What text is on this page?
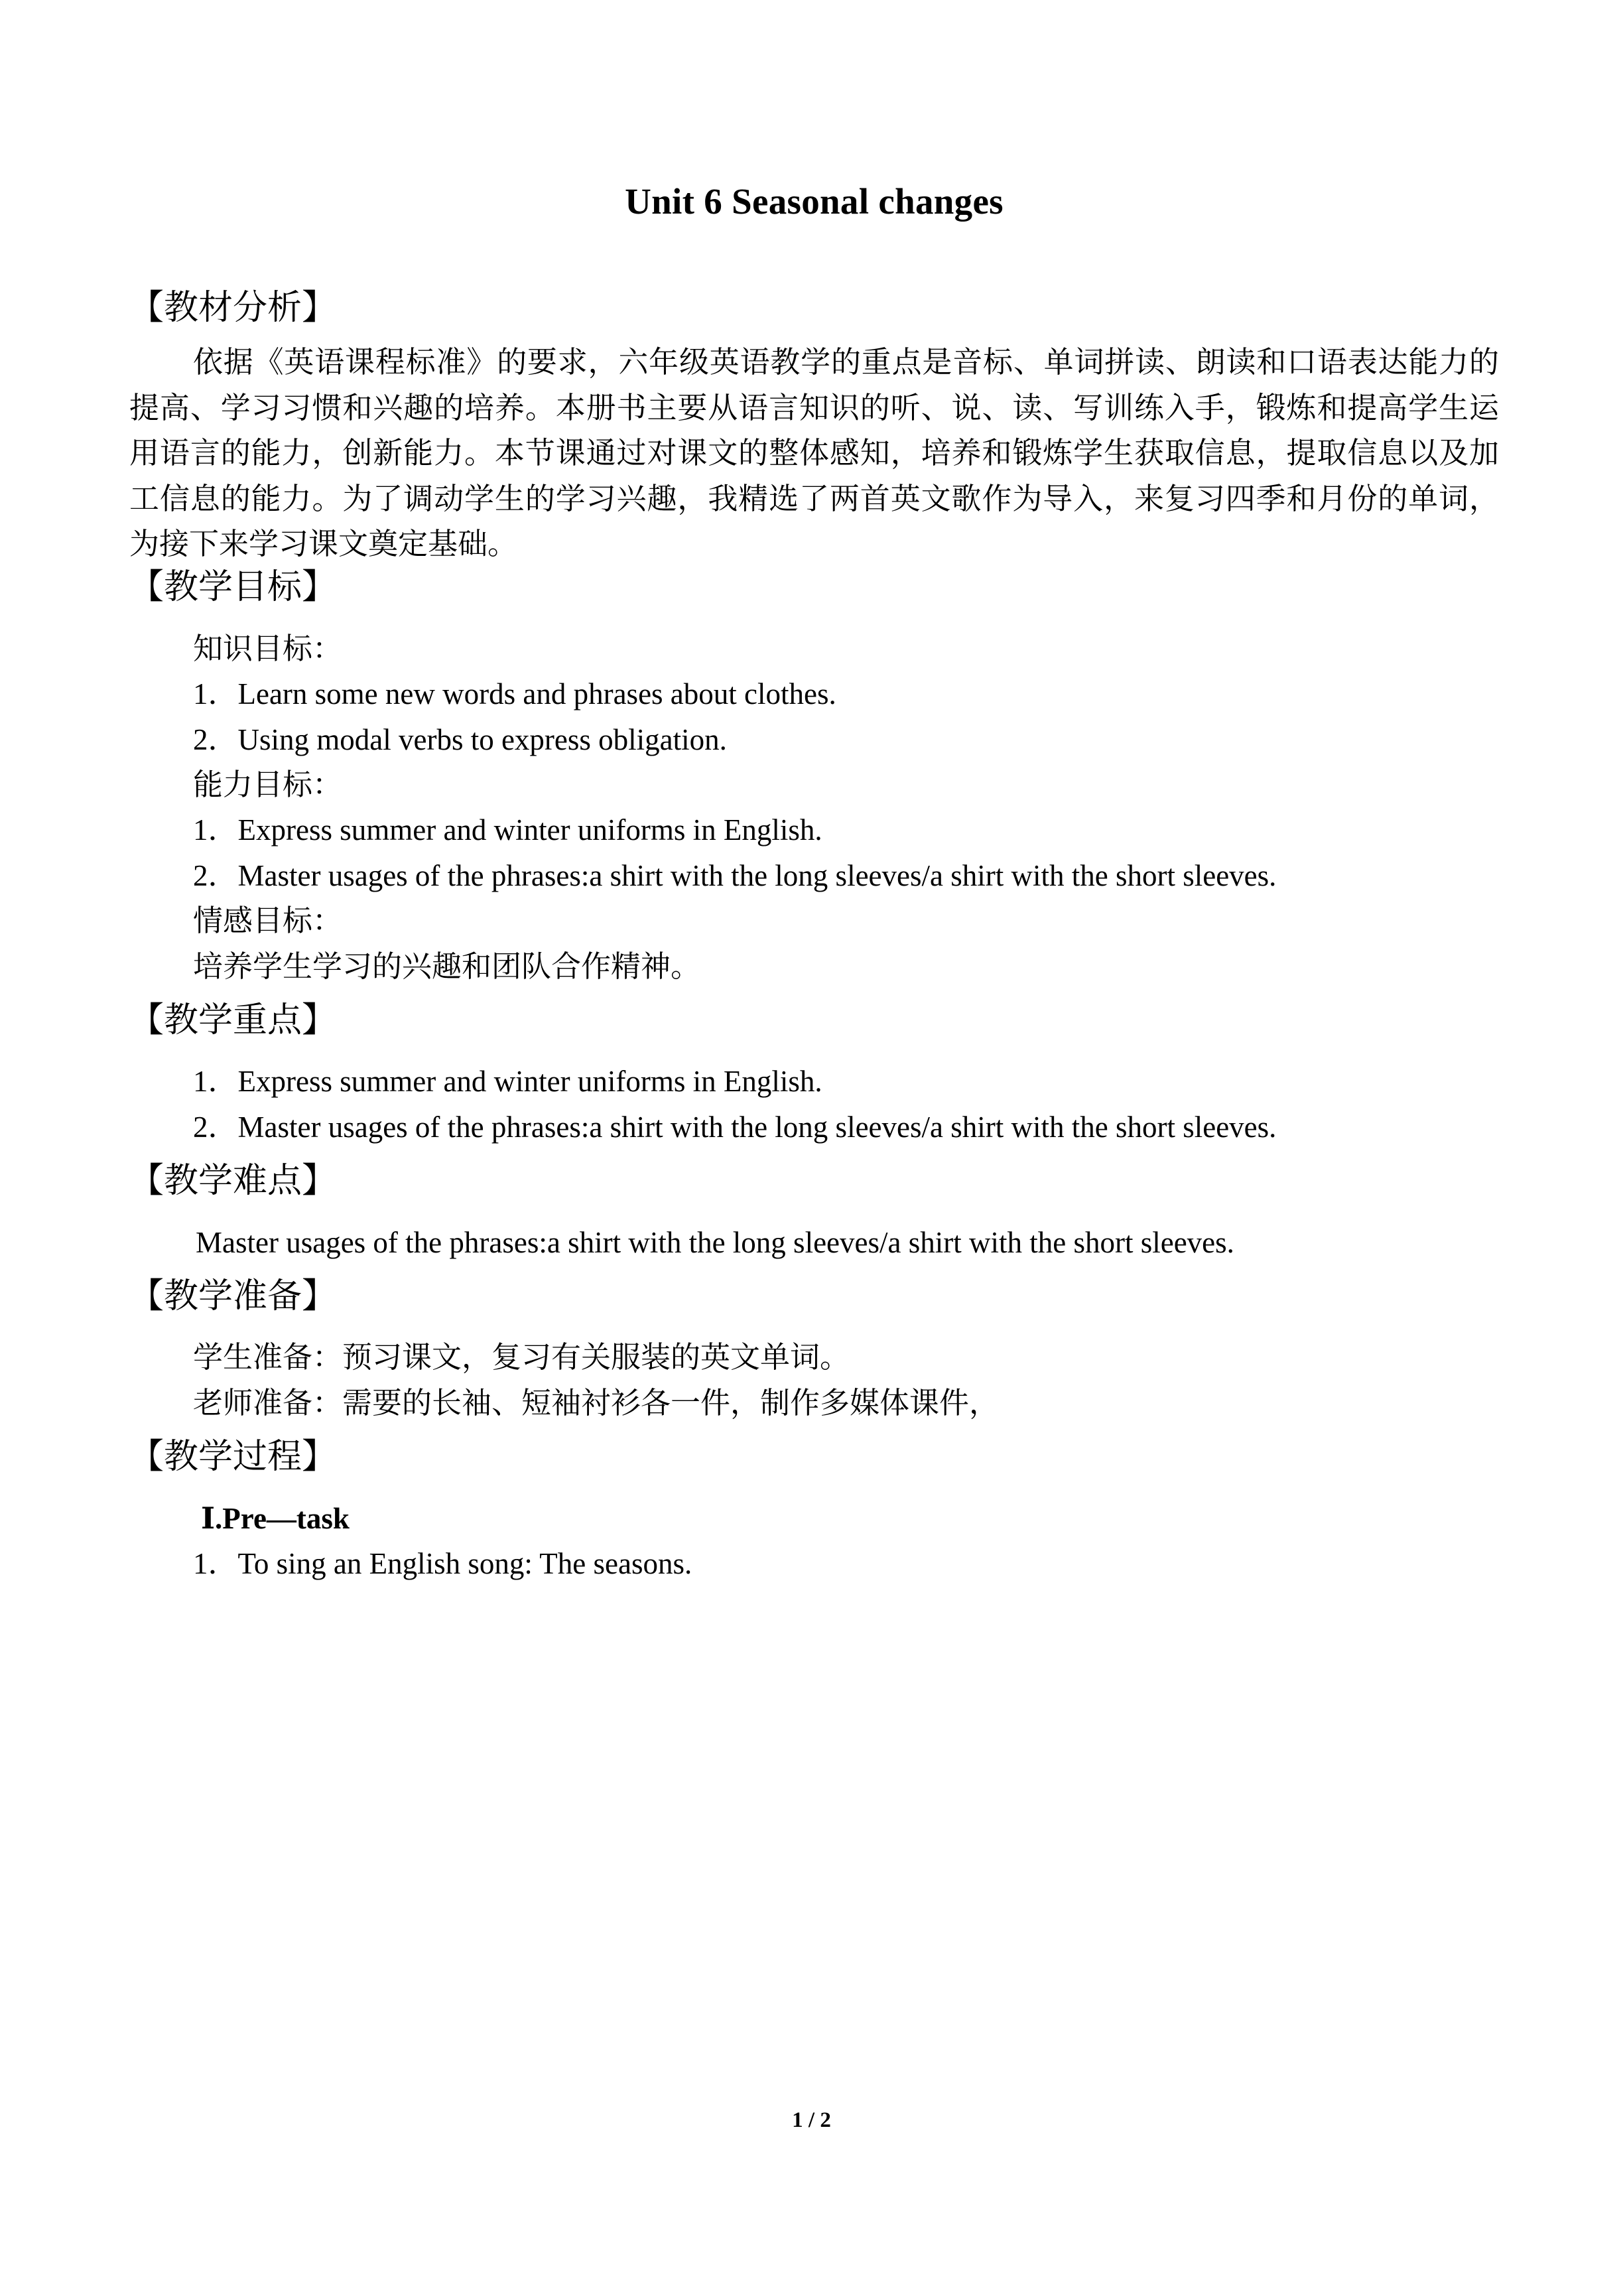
Unit 6 Seasonal changes
【教材分析】

依据《英语课程标准》的要求，六年级英语教学的重点是音标、单词拼读、朗读和口语表达能力的提高、学习习惯和兴趣的培养。本册书主要从语言知识的听、说、读、写训练入手，锻炼和提高学生运用语言的能力，创新能力。本节课通过对课文的整体感知，培养和锻炼学生获取信息，提取信息以及加工信息的能力。为了调动学生的学习兴趣，我精选了两首英文歌作为导入，来复习四季和月份的单词，为接下来学习课文奠定基础。

【教学目标】
知识目标：
1．Learn some new words and phrases about clothes.
2．Using modal verbs to express obligation.
能力目标：
1．Express summer and winter uniforms in English.
2．Master usages of the phrases:a shirt with the long sleeves/a shirt with the short sleeves.
情感目标：
培养学生学习的兴趣和团队合作精神。
【教学重点】
1．Express summer and winter uniforms in English.
2．Master usages of the phrases:a shirt with the long sleeves/a shirt with the short sleeves.
【教学难点】
Master usages of the phrases:a shirt with the long sleeves/a shirt with the short sleeves.
【教学准备】
学生准备：预习课文，复习有关服装的英文单词。
老师准备：需要的长袖、短袖衬衫各一件，制作多媒体课件，
【教学过程】
Ⅰ.Pre—task
1．To sing an English song: The seasons.
1 / 2
